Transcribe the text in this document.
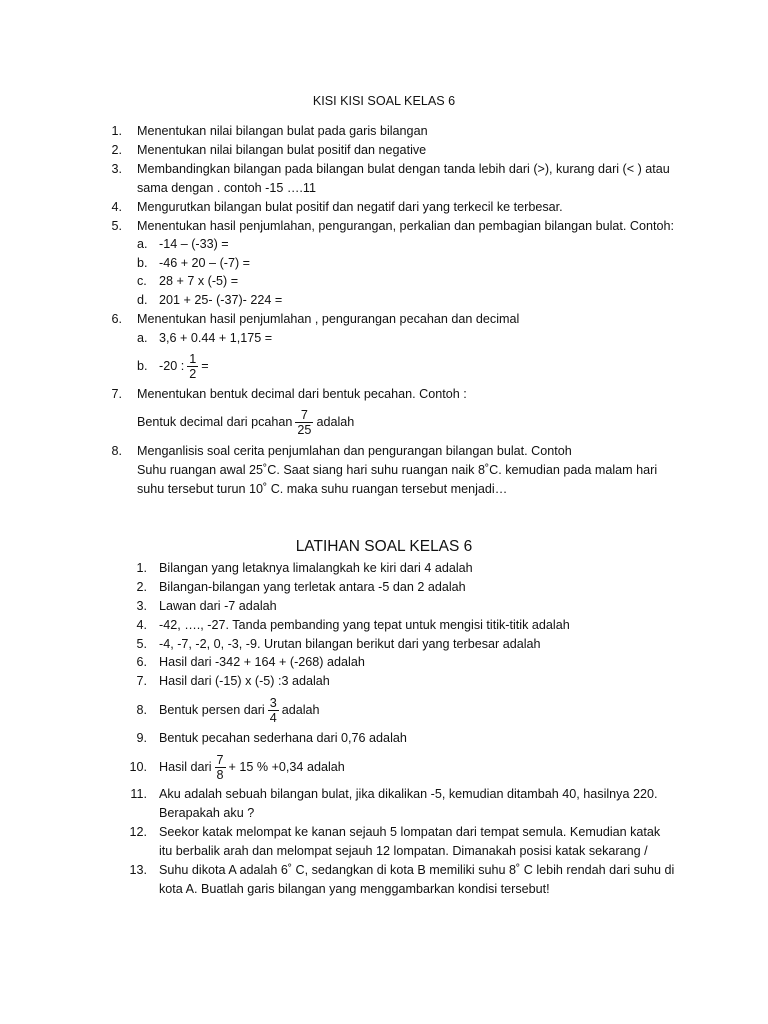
KISI KISI SOAL KELAS 6
1. Menentukan nilai bilangan bulat pada garis bilangan
2. Menentukan nilai bilangan bulat positif dan negative
3. Membandingkan bilangan pada bilangan bulat dengan tanda lebih dari (>), kurang dari (< ) atau
sama dengan . contoh -15 ….11
4. Mengurutkan bilangan bulat positif dan negatif dari yang terkecil ke terbesar.
5. Menentukan hasil penjumlahan, pengurangan, perkalian dan pembagian bilangan bulat. Contoh:
a. -14 – (-33) =
b. -46 + 20 – (-7) =
c. 28 + 7 x (-5) =
d. 201 + 25- (-37)- 224 =
6. Menentukan hasil penjumlahan , pengurangan pecahan dan decimal
a. 3,6 + 0.44 + 1,175 =
b. -20 : $\frac{1}{2}$ =
7. Menentukan bentuk decimal dari bentuk pecahan. Contoh :
Bentuk decimal dari pcahan $\frac{7}{25}$ adalah
8. Menganlisis soal cerita penjumlahan dan pengurangan bilangan bulat. Contoh
Suhu ruangan awal 25˚C. Saat siang hari suhu ruangan naik 8˚C. kemudian pada malam hari
suhu tersebut turun 10˚ C. maka suhu ruangan tersebut menjadi…
LATIHAN SOAL KELAS 6
1. Bilangan yang letaknya limalangkah ke kiri dari 4 adalah
2. Bilangan-bilangan yang terletak antara -5 dan 2 adalah
3. Lawan dari -7 adalah
4. -42, …., -27. Tanda pembanding yang tepat untuk mengisi titik-titik adalah
5. -4, -7, -2, 0, -3, -9. Urutan bilangan berikut dari yang terbesar adalah
6. Hasil dari -342 + 164 + (-268) adalah
7. Hasil dari (-15) x (-5) :3 adalah
8. Bentuk persen dari $\frac{3}{4}$ adalah
9. Bentuk pecahan sederhana dari 0,76 adalah
10. Hasil dari $\frac{7}{8} + 15$ % +0,34 adalah
11. Aku adalah sebuah bilangan bulat, jika dikalikan -5, kemudian ditambah 40, hasilnya 220.
Berapakah aku ?
12. Seekor katak melompat ke kanan sejauh 5 lompatan dari tempat semula. Kemudian katak
itu berbalik arah dan melompat sejauh 12 lompatan. Dimanakah posisi katak sekarang /
13. Suhu dikota A adalah 6˚ C, sedangkan di kota B memiliki suhu 8˚ C lebih rendah dari suhu di
kota A. Buatlah garis bilangan yang menggambarkan kondisi tersebut!
